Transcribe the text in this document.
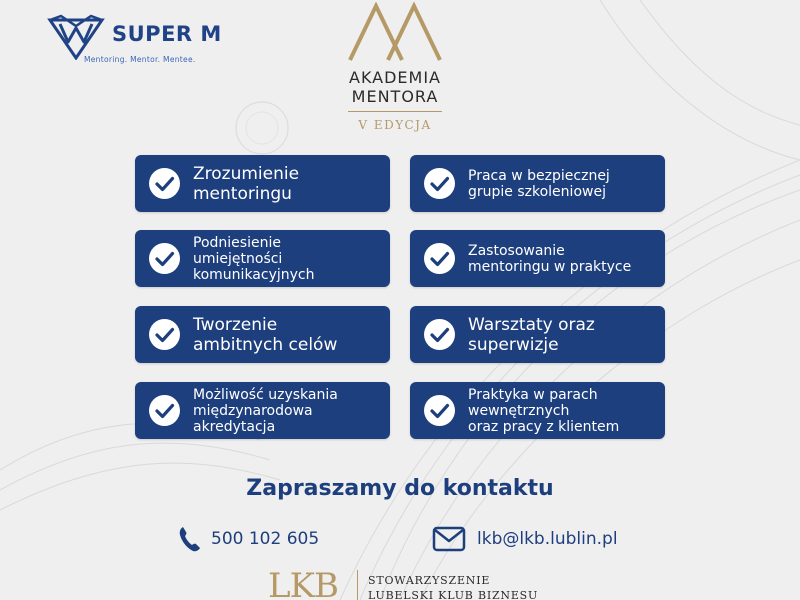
SUPER M
Mentoring. Mentor. Mentee.
AKADEMIA
MENTORA
V EDYCJA
Zrozumienie
mentoringu
Praca w bezpiecznej
grupie szkoleniowej
Podniesienie
umiejętności
komunikacyjnych
Zastosowanie
mentoringu w praktyce
Tworzenie
ambitnych celów
Warsztaty oraz
superwizje
Możliwość uzyskania
międzynarodowa
akredytacja
Praktyka w parach
wewnętrznych
oraz pracy z klientem
Zapraszamy do kontaktu
500 102 605	lkb@lkb.lublin.pl
LKB	STOWARZYSZENIE
LUBELSKI KLUB BIZNESU
